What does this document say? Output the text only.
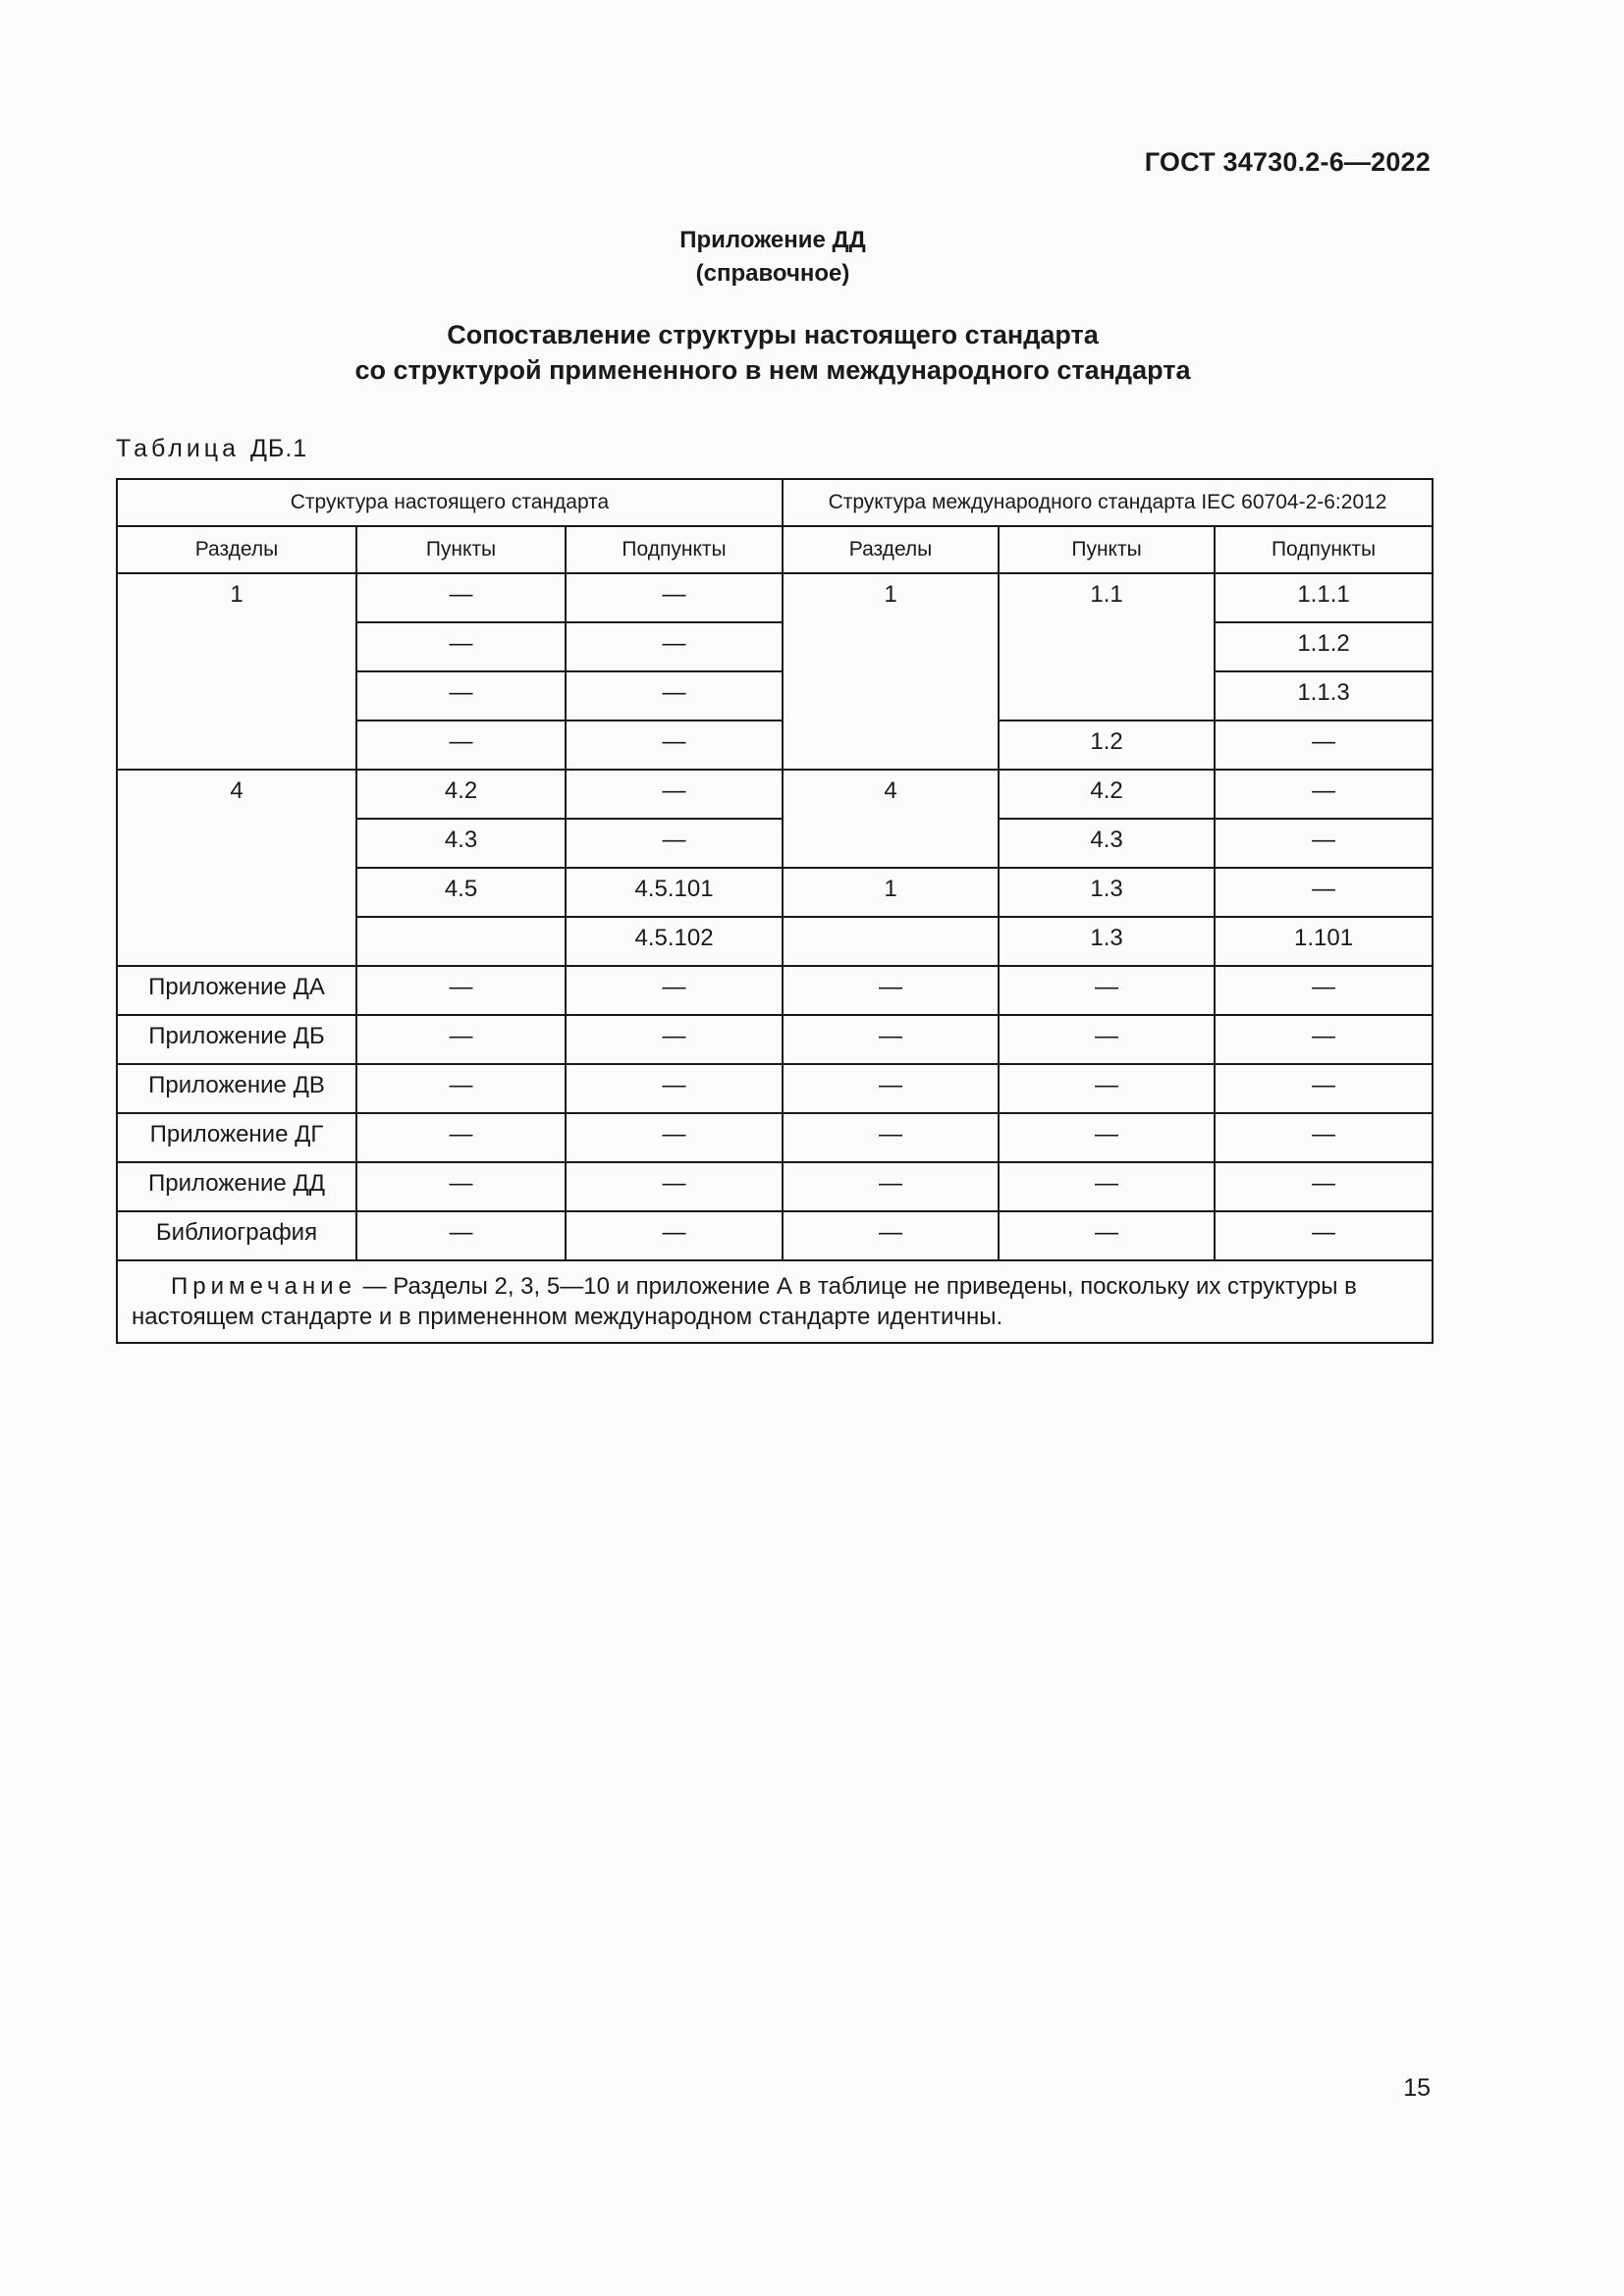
ГОСТ 34730.2-6—2022
Приложение ДД
(справочное)
Сопоставление структуры настоящего стандарта
со структурой примененного в нем международного стандарта
Таблица ДБ.1
Структура настоящего стандарта			Структура международного стандарта IEC 60704-2-6:2012		
Разделы	Пункты	Подпункты	Разделы	Пункты	Подпункты
1	—	—	1	1.1	1.1.1
	—	—			1.1.2
	—	—			1.1.3
	—	—		1.2	—
4	4.2	—	4	4.2	—
	4.3	—		4.3	—
	4.5	4.5.101	1	1.3	—
		4.5.102		1.3	1.101
Приложение ДА	—	—	—	—	—
Приложение ДБ	—	—	—	—	—
Приложение ДВ	—	—	—	—	—
Приложение ДГ	—	—	—	—	—
Приложение ДД	—	—	—	—	—
Библиография	—	—	—	—	—
Примечание — Разделы 2, 3, 5—10 и приложение А в таблице не приведены, поскольку их структуры в настоящем стандарте и в примененном международном стандарте идентичны.					
15
